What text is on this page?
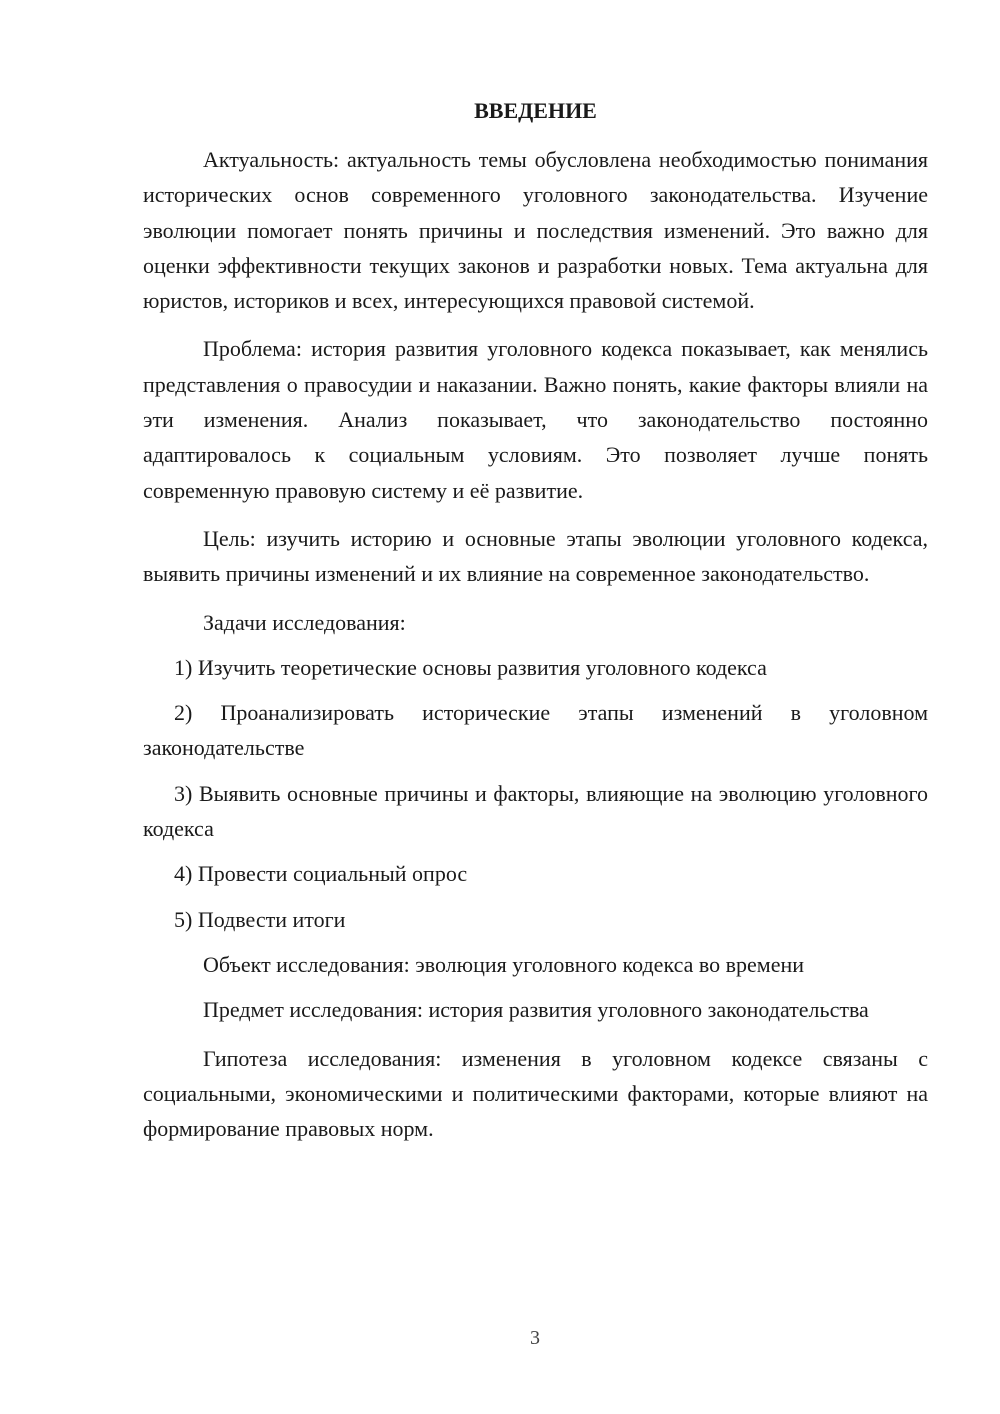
ВВЕДЕНИЕ

Актуальность: актуальность темы обусловлена необходимостью понимания исторических основ современного уголовного законодательства. Изучение эволюции помогает понять причины и последствия изменений. Это важно для оценки эффективности текущих законов и разработки новых. Тема актуальна для юристов, историков и всех, интересующихся правовой системой.

Проблема: история развития уголовного кодекса показывает, как менялись представления о правосудии и наказании. Важно понять, какие факторы влияли на эти изменения. Анализ показывает, что законодательство постоянно адаптировалось к социальным условиям. Это позволяет лучше понять современную правовую систему и её развитие.

Цель: изучить историю и основные этапы эволюции уголовного кодекса, выявить причины изменений и их влияние на современное законодательство.

Задачи исследования:

1) Изучить теоретические основы развития уголовного кодекса

2) Проанализировать исторические этапы изменений в уголовном законодательстве

3) Выявить основные причины и факторы, влияющие на эволюцию уголовного кодекса

4) Провести социальный опрос

5) Подвести итоги

Объект исследования: эволюция уголовного кодекса во времени

Предмет исследования: история развития уголовного законодательства

Гипотеза исследования: изменения в уголовном кодексе связаны с социальными, экономическими и политическими факторами, которые влияют на формирование правовых норм.

3
